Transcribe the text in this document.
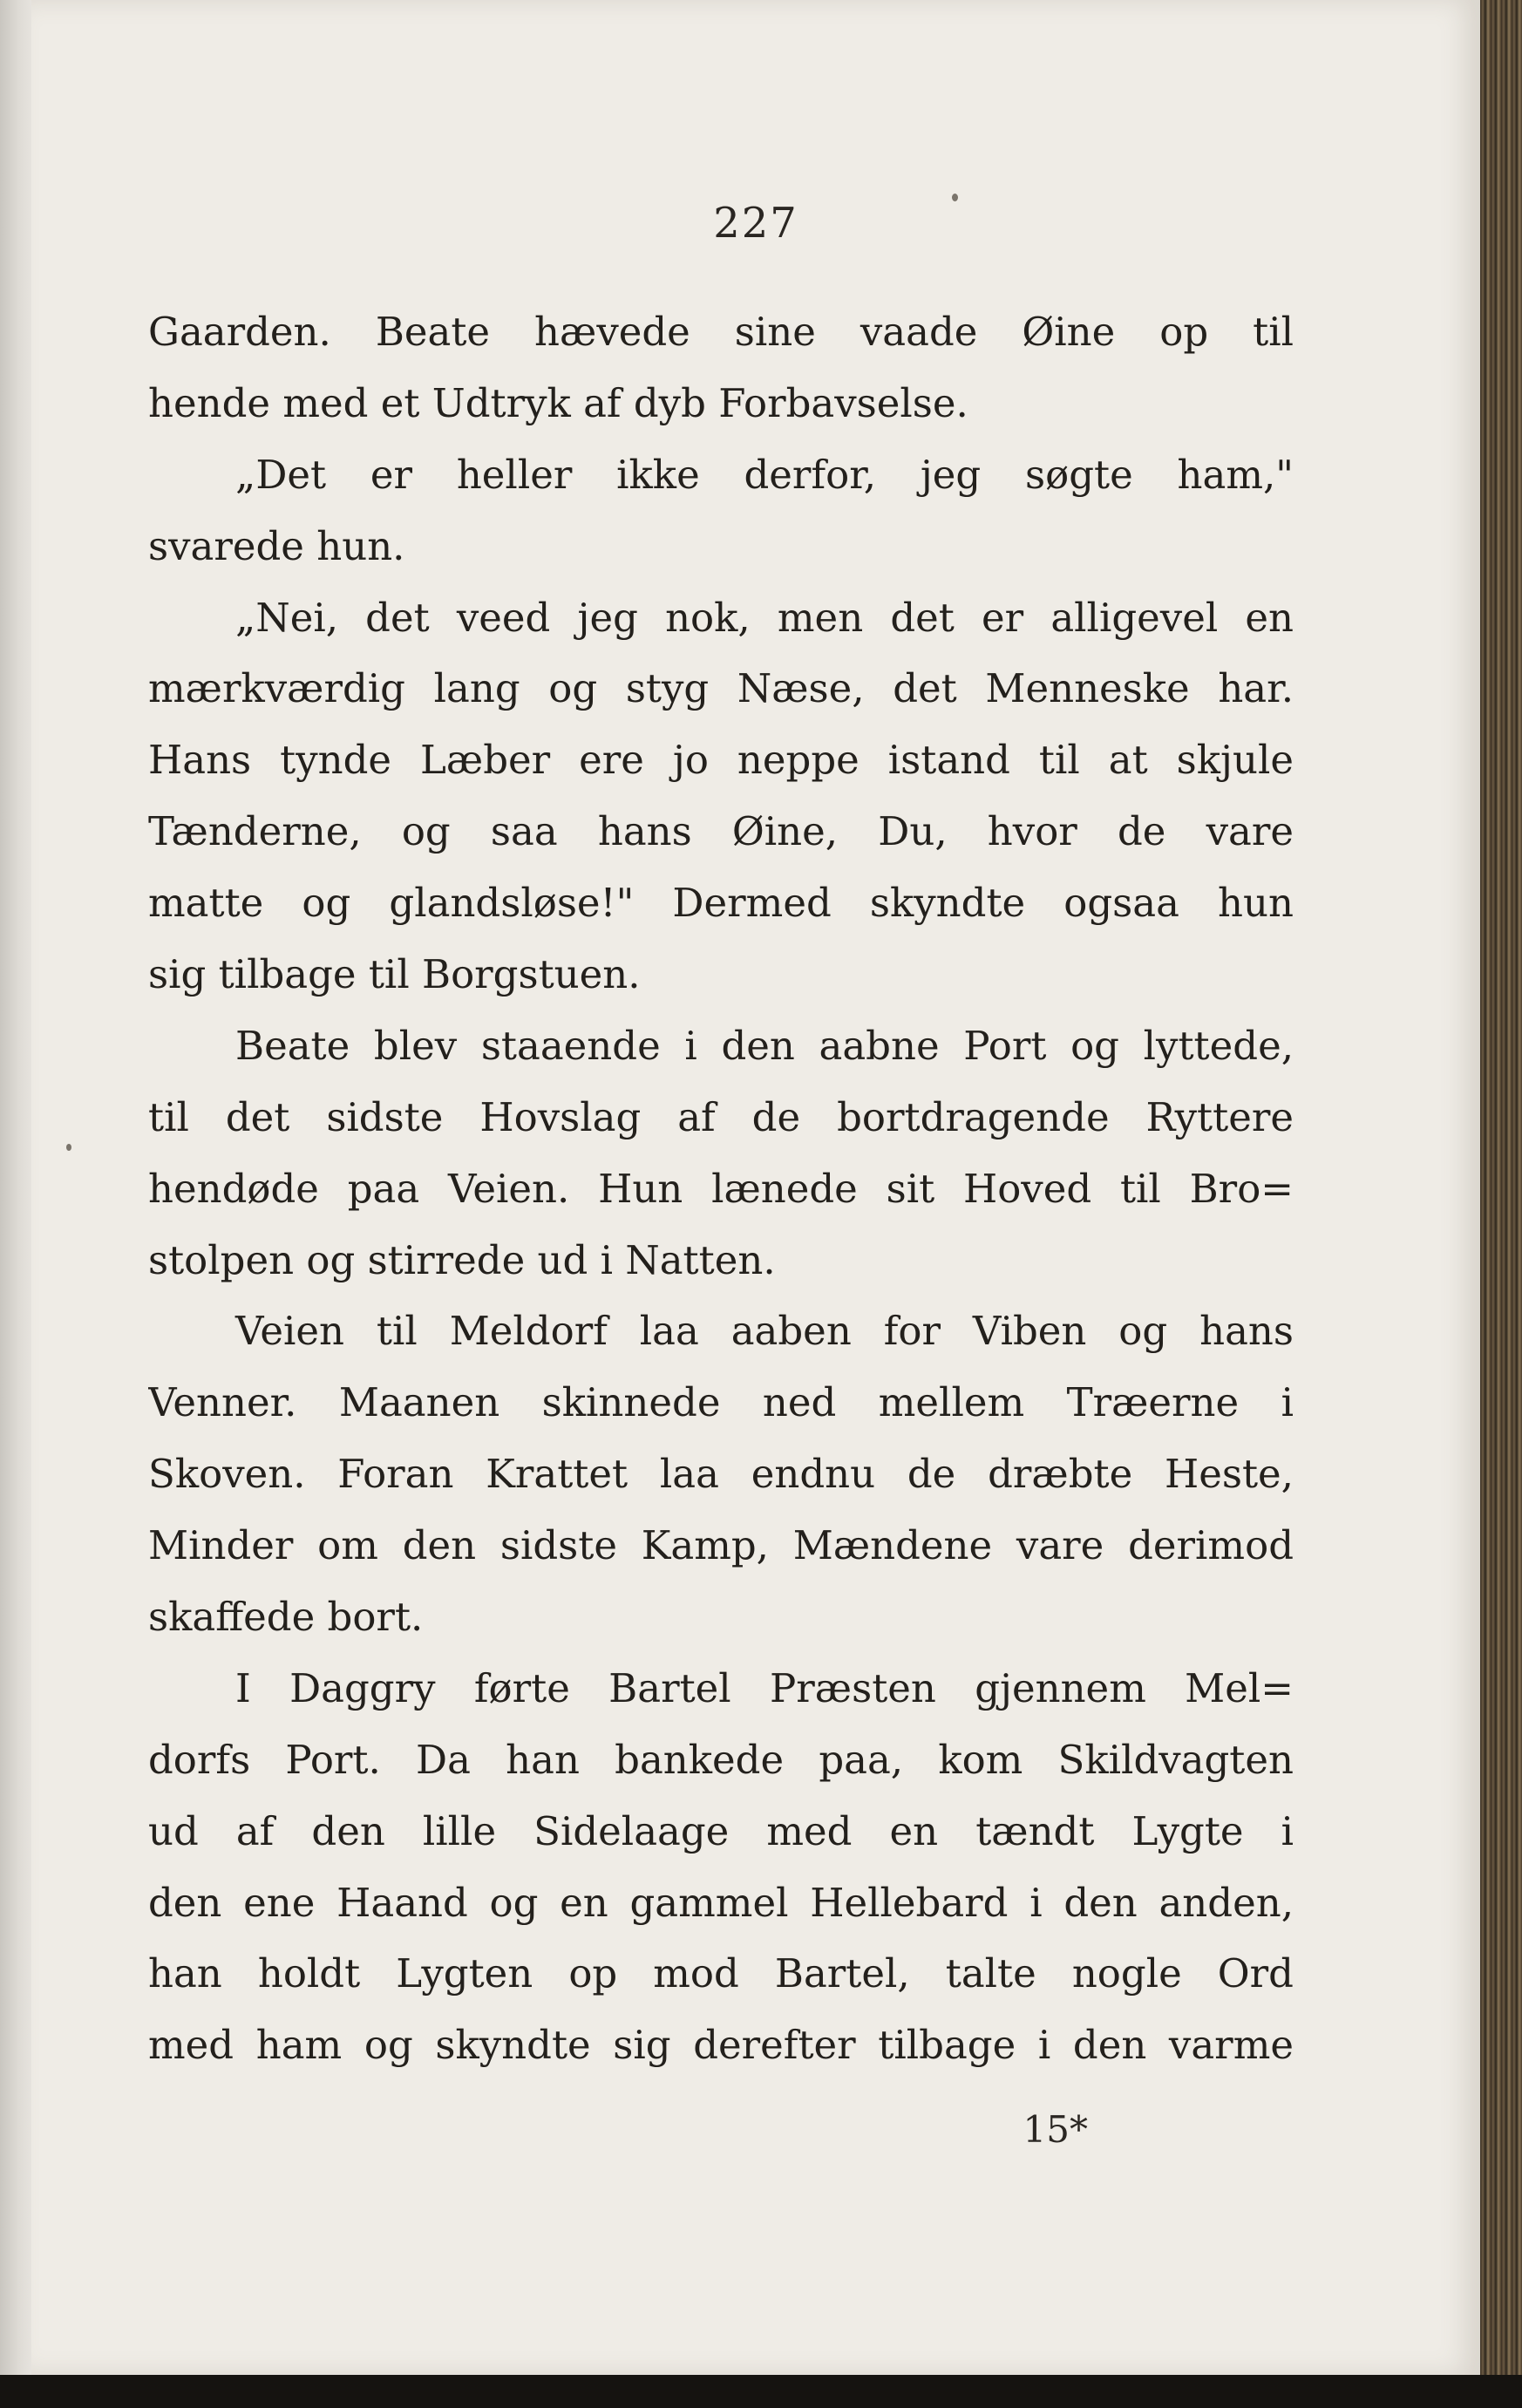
227
Gaarden. Beate hævede sine vaade Øine op til
hende med et Udtryk af dyb Forbavselse.
„Det er heller ikke derfor, jeg søgte ham,"
svarede hun.
„Nei, det veed jeg nok, men det er alligevel en
mærkværdig lang og styg Næse, det Menneske har.
Hans tynde Læber ere jo neppe istand til at skjule
Tænderne, og saa hans Øine, Du, hvor de vare
matte og glandsløse!" Dermed skyndte ogsaa hun
sig tilbage til Borgstuen.
Beate blev staaende i den aabne Port og lyttede,
til det sidste Hovslag af de bortdragende Ryttere
hendøde paa Veien. Hun lænede sit Hoved til Bro=
stolpen og stirrede ud i Natten.
Veien til Meldorf laa aaben for Viben og hans
Venner. Maanen skinnede ned mellem Træerne i
Skoven. Foran Krattet laa endnu de dræbte Heste,
Minder om den sidste Kamp, Mændene vare derimod
skaffede bort.
I Daggry førte Bartel Præsten gjennem Mel=
dorfs Port. Da han bankede paa, kom Skildvagten
ud af den lille Sidelaage med en tændt Lygte i
den ene Haand og en gammel Hellebard i den anden,
han holdt Lygten op mod Bartel, talte nogle Ord
med ham og skyndte sig derefter tilbage i den varme
15*
